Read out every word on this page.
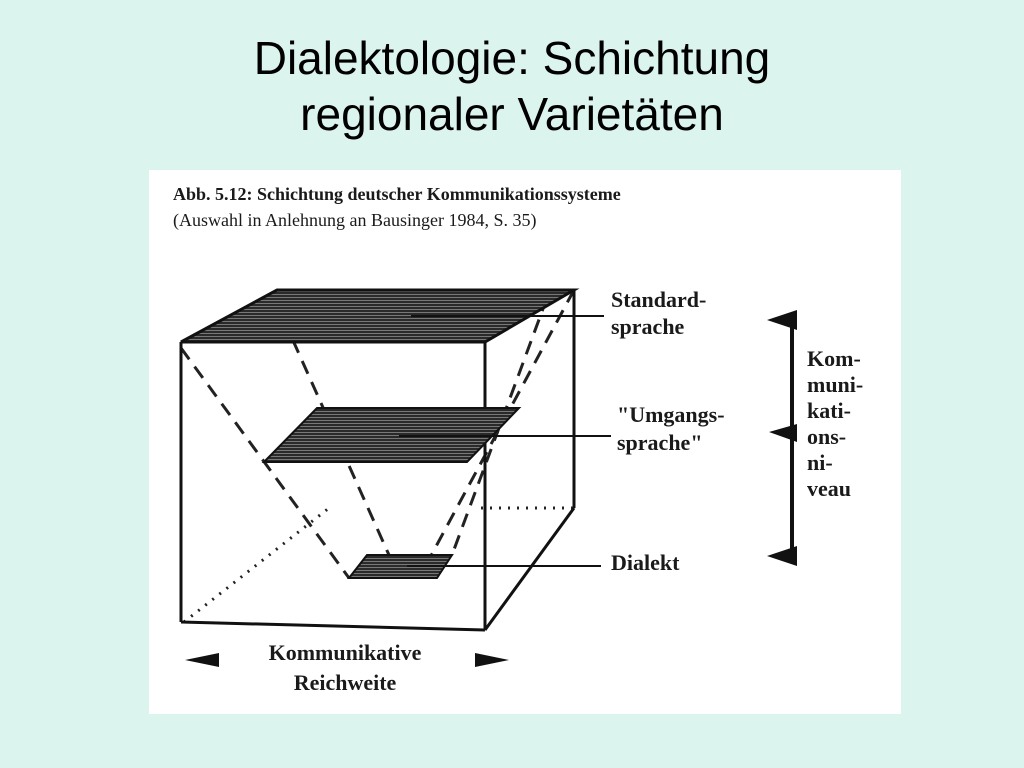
Dialektologie: Schichtung
regionaler Varietäten
Abb. 5.12: Schichtung deutscher Kommunikationssysteme
(Auswahl in Anlehnung an Bausinger 1984, S. 35)
Standard-
sprache
"Umgangs-
sprache"
Dialekt
Kom-
muni-
kati-
ons-
ni-
veau
Kommunikative
Reichweite
